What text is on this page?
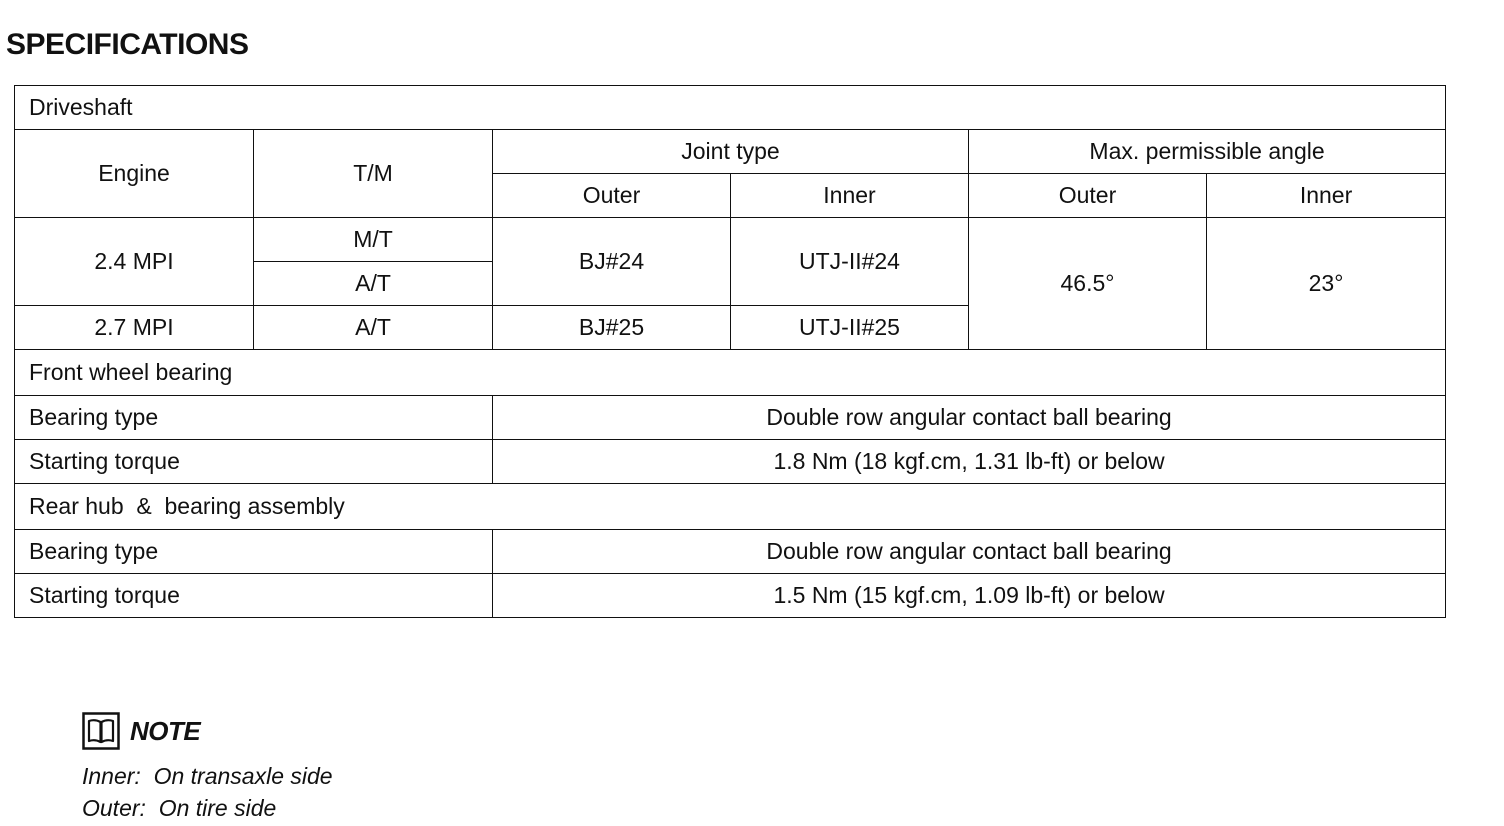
SPECIFICATIONS
Driveshaft					
Engine	T/M	Joint type		Max. permissible angle	
		Outer	Inner	Outer	Inner
2.4 MPI	M/T	BJ#24	UTJ-II#24	46.5°	23°
	A/T				
2.7 MPI	A/T	BJ#25	UTJ-II#25		
Front wheel bearing					
Bearing type		Double row angular contact ball bearing			
Starting torque		1.8 Nm (18 kgf.cm, 1.31 lb-ft) or below			
Rear hub  &  bearing assembly					
Bearing type		Double row angular contact ball bearing			
Starting torque		1.5 Nm (15 kgf.cm, 1.09 lb-ft) or below			
NOTE
Inner:  On transaxle side
Outer:  On tire side
